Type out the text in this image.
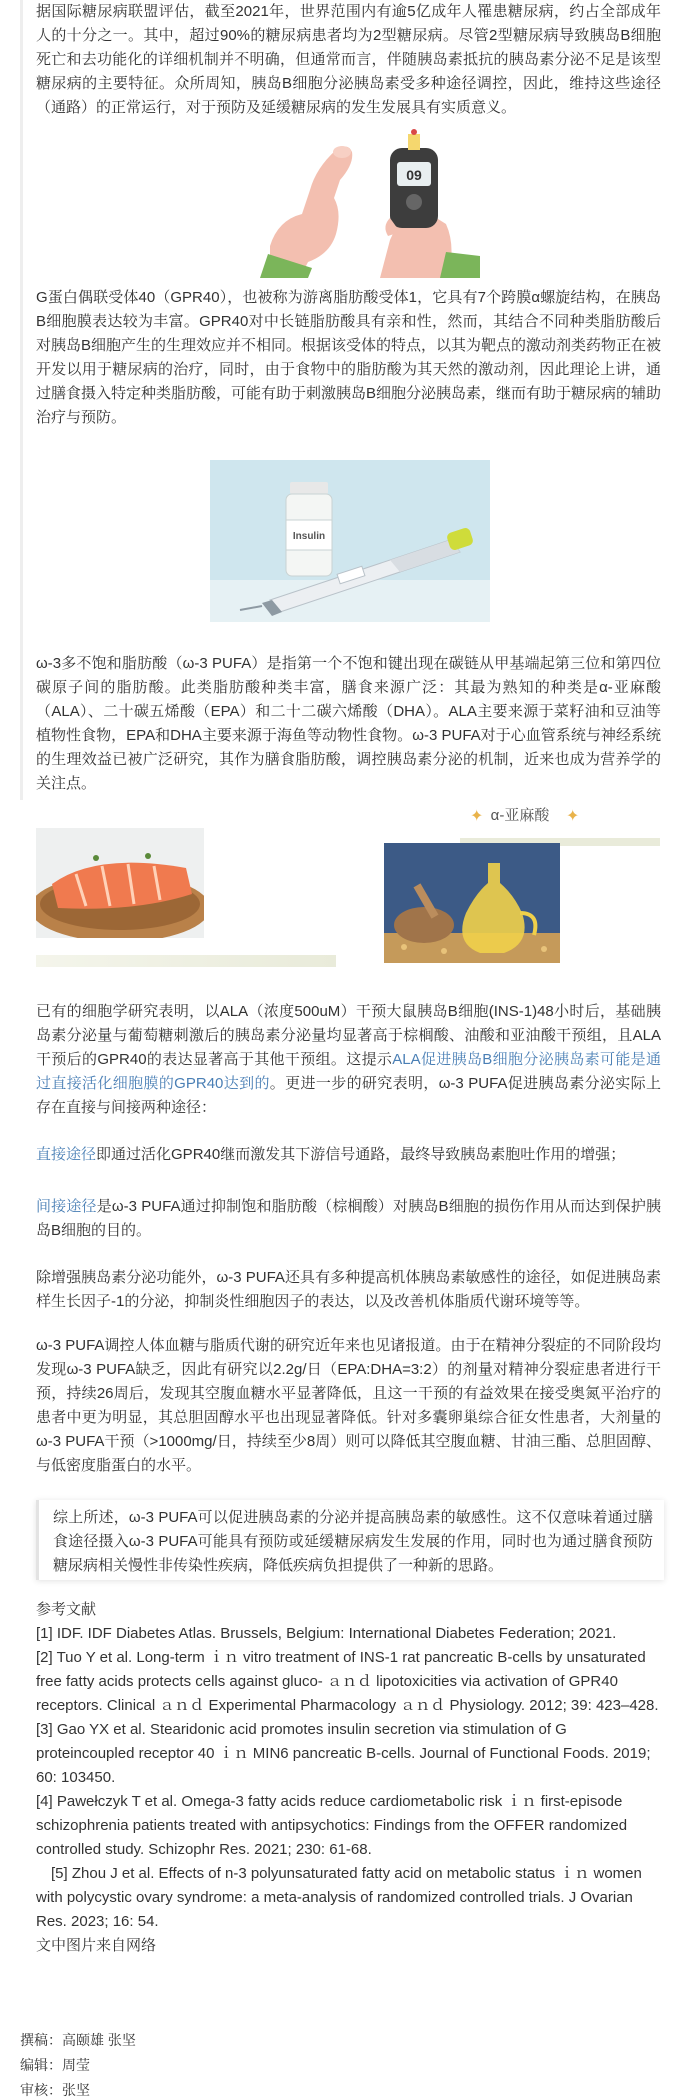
据国际糖尿病联盟评估，截至2021年，世界范围内有逾5亿成年人罹患糖尿病，约占全部成年人的十分之一。其中，超过90%的糖尿病患者均为2型糖尿病。尽管2型糖尿病导致胰岛B细胞死亡和去功能化的详细机制并不明确，但通常而言，伴随胰岛素抵抗的胰岛素分泌不足是该型糖尿病的主要特征。众所周知，胰岛B细胞分泌胰岛素受多种途径调控，因此，维持这些途径（通路）的正常运行，对于预防及延缓糖尿病的发生发展具有实质意义。

09

G蛋白偶联受体40（GPR40），也被称为游离脂肪酸受体1，它具有7个跨膜α螺旋结构，在胰岛B细胞膜表达较为丰富。GPR40对中长链脂肪酸具有亲和性，然而，其结合不同种类脂肪酸后对胰岛B细胞产生的生理效应并不相同。根据该受体的特点，以其为靶点的激动剂类药物正在被开发以用于糖尿病的治疗，同时，由于食物中的脂肪酸为其天然的激动剂，因此理论上讲，通过膳食摄入特定种类脂肪酸，可能有助于刺激胰岛B细胞分泌胰岛素，继而有助于糖尿病的辅助治疗与预防。

Insulin

ω-3多不饱和脂肪酸（ω-3 PUFA）是指第一个不饱和键出现在碳链从甲基端起第三位和第四位碳原子间的脂肪酸。此类脂肪酸种类丰富，膳食来源广泛：其最为熟知的种类是α-亚麻酸（ALA）、二十碳五烯酸（EPA）和二十二碳六烯酸（DHA）。ALA主要来源于菜籽油和豆油等植物性食物，EPA和DHA主要来源于海鱼等动物性食物。ω-3 PUFA对于心血管系统与神经系统的生理效益已被广泛研究，其作为膳食脂肪酸，调控胰岛素分泌的机制，近来也成为营养学的关注点。

✦ α-亚麻酸	✦

已有的细胞学研究表明，以ALA（浓度500uM）干预大鼠胰岛B细胞(INS-1)48小时后，基础胰岛素分泌量与葡萄糖刺激后的胰岛素分泌量均显著高于棕榈酸、油酸和亚油酸干预组，且ALA干预后的GPR40的表达显著高于其他干预组。这提示ALA促进胰岛B细胞分泌胰岛素可能是通过直接活化细胞膜的GPR40达到的。更进一步的研究表明，ω-3 PUFA促进胰岛素分泌实际上存在直接与间接两种途径：

直接途径即通过活化GPR40继而激发其下游信号通路，最终导致胰岛素胞吐作用的增强；

间接途径是ω-3 PUFA通过抑制饱和脂肪酸（棕榈酸）对胰岛B细胞的损伤作用从而达到保护胰岛B细胞的目的。

除增强胰岛素分泌功能外，ω-3 PUFA还具有多种提高机体胰岛素敏感性的途径，如促进胰岛素样生长因子-1的分泌，抑制炎性细胞因子的表达，以及改善机体脂质代谢环境等等。

ω-3 PUFA调控人体血糖与脂质代谢的研究近年来也见诸报道。由于在精神分裂症的不同阶段均发现ω-3 PUFA缺乏，因此有研究以2.2g/日（EPA:DHA=3:2）的剂量对精神分裂症患者进行干预，持续26周后，发现其空腹血糖水平显著降低，且这一干预的有益效果在接受奥氮平治疗的患者中更为明显，其总胆固醇水平也出现显著降低。针对多囊卵巢综合征女性患者，大剂量的ω-3 PUFA干预（>1000mg/日，持续至少8周）则可以降低其空腹血糖、甘油三酯、总胆固醇、与低密度脂蛋白的水平。

综上所述，ω-3 PUFA可以促进胰岛素的分泌并提高胰岛素的敏感性。这不仅意味着通过膳食途径摄入ω-3 PUFA可能具有预防或延缓糖尿病发生发展的作用，同时也为通过膳食预防糖尿病相关慢性非传染性疾病，降低疾病负担提供了一种新的思路。

参考文献
[1] IDF. IDF Diabetes Atlas. Brussels, Belgium: International Diabetes Federation; 2021.
[2] Tuo Y et al. Long-term ｉｎ vitro treatment of INS-1 rat pancreatic B-cells by unsaturated free fatty acids protects cells against gluco- ａｎｄ lipotoxicities via activation of GPR40 receptors. Clinical ａｎｄ Experimental Pharmacology ａｎｄ Physiology. 2012; 39: 423–428.
[3] Gao YX et al. Stearidonic acid promotes insulin secretion via stimulation of G proteincoupled receptor 40 ｉｎ MIN6 pancreatic B-cells. Journal of Functional Foods. 2019; 60: 103450.
[4] Pawełczyk T et al. Omega-3 fatty acids reduce cardiometabolic risk ｉｎ first-episode schizophrenia patients treated with antipsychotics: Findings from the OFFER randomized controlled study. Schizophr Res. 2021; 230: 61-68.
　[5] Zhou J et al. Effects of n-3 polyunsaturated fatty acid on metabolic status ｉｎ women with polycystic ovary syndrome: a meta-analysis of randomized controlled trials. J Ovarian Res. 2023; 16: 54.
文中图片来自网络
撰稿：高颐雄 张坚
编辑：周莹
审核：张坚
